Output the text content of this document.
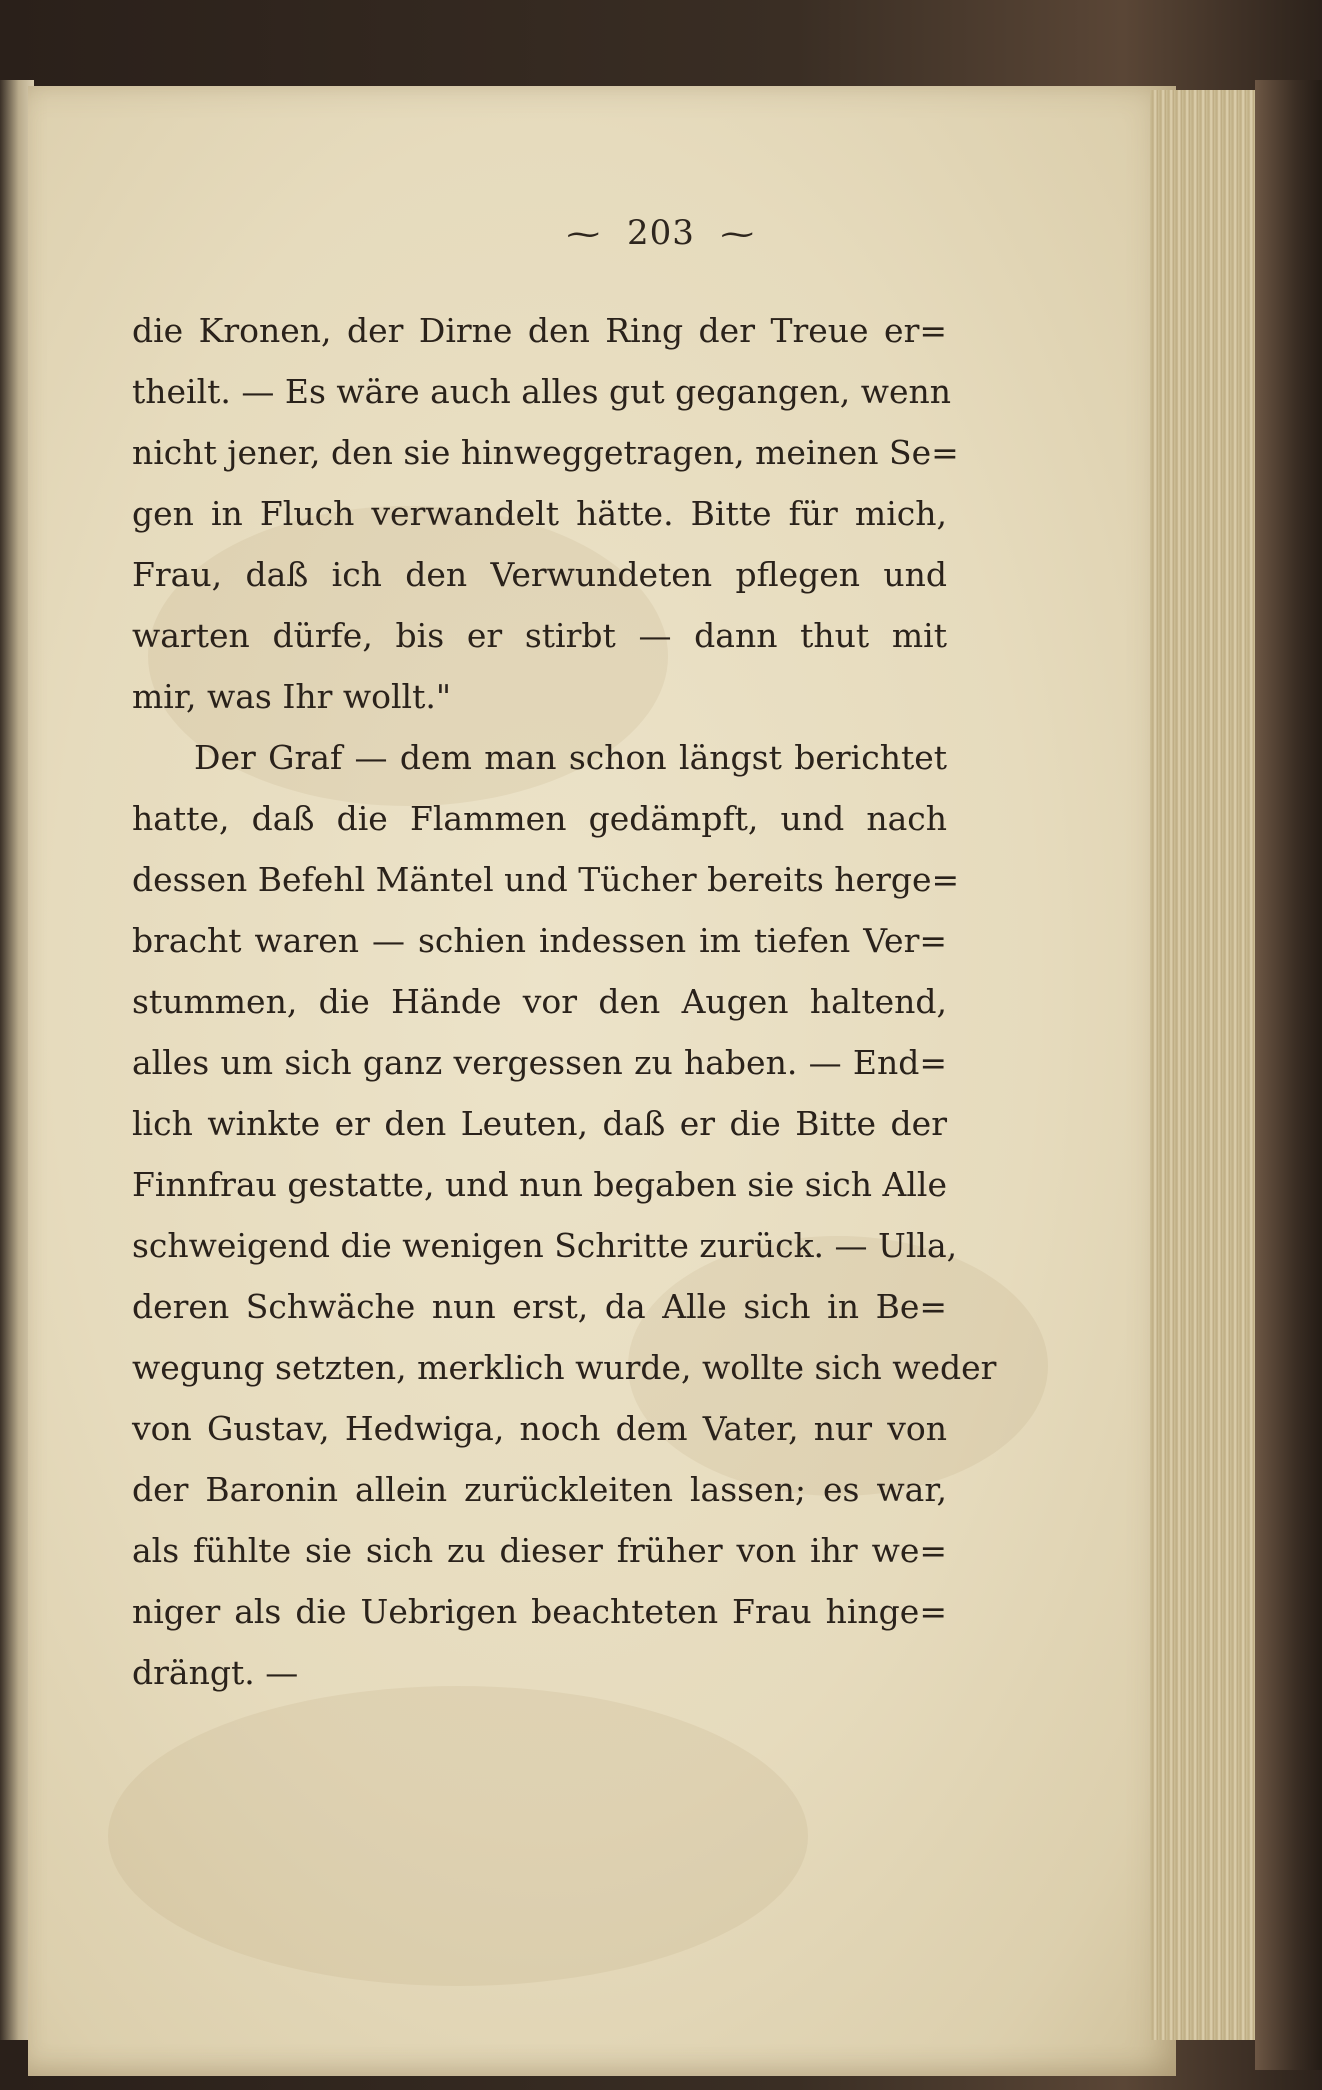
~ 203 ~
die Kronen, der Dirne den Ring der Treue er=
theilt. — Es wäre auch alles gut gegangen, wenn
nicht jener, den sie hinweggetragen, meinen Se=
gen in Fluch verwandelt hätte. Bitte für mich,
Frau, daß ich den Verwundeten pflegen und
warten dürfe, bis er stirbt — dann thut mit
mir, was Ihr wollt."
Der Graf — dem man schon längst berichtet
hatte, daß die Flammen gedämpft, und nach
dessen Befehl Mäntel und Tücher bereits herge=
bracht waren — schien indessen im tiefen Ver=
stummen, die Hände vor den Augen haltend,
alles um sich ganz vergessen zu haben. — End=
lich winkte er den Leuten, daß er die Bitte der
Finnfrau gestatte, und nun begaben sie sich Alle
schweigend die wenigen Schritte zurück. — Ulla,
deren Schwäche nun erst, da Alle sich in Be=
wegung setzten, merklich wurde, wollte sich weder
von Gustav, Hedwiga, noch dem Vater, nur von
der Baronin allein zurückleiten lassen; es war,
als fühlte sie sich zu dieser früher von ihr we=
niger als die Uebrigen beachteten Frau hinge=
drängt. —
